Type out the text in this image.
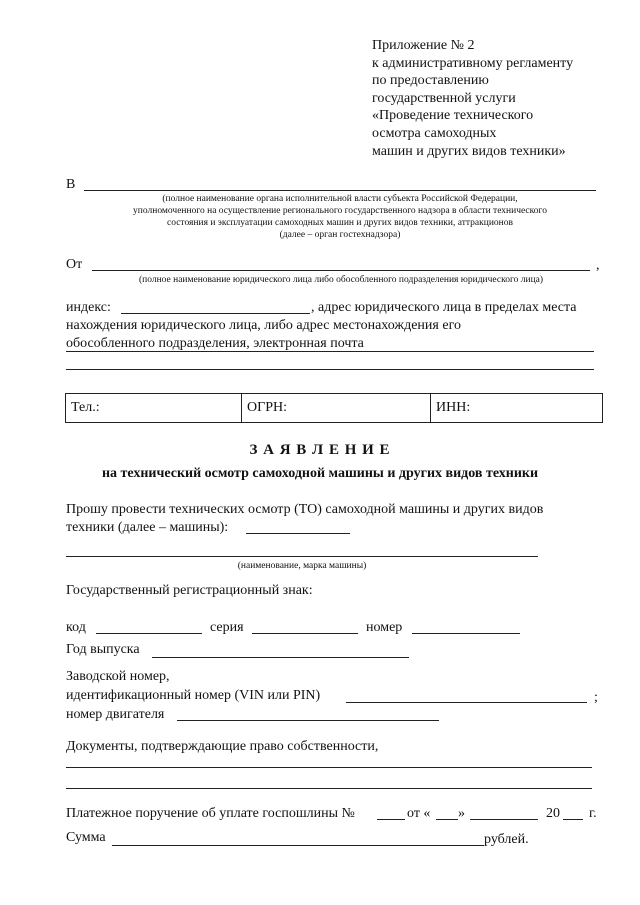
Приложение № 2
к административному регламенту
по предоставлению
государственной услуги
«Проведение технического
осмотра самоходных
машин и других видов техники»
В
(полное наименование органа исполнительной власти субъекта Российской Федерации,
уполномоченного на осуществление регионального государственного надзора в области технического
состояния и эксплуатации самоходных машин и других видов техники, аттракционов
(далее – орган гостехнадзора)
От	,
(полное наименование юридического лица либо обособленного подразделения юридического лица)
индекс:	, адрес юридического лица в пределах места
нахождения юридического лица, либо адрес местонахождения его
обособленного подразделения, электронная почта
Тел.:	ОГРН:	ИНН:
З А Я В Л Е Н И Е
на технический осмотр самоходной машины и других видов техники
Прошу провести технических осмотр (ТО) самоходной машины и других видов
техники (далее – машины):
(наименование, марка машины)
Государственный регистрационный знак:
код	серия	номер
Год выпуска
Заводской номер,
идентификационный номер (VIN или PIN)	;
номер двигателя
Документы, подтверждающие право собственности,
Платежное поручение об уплате госпошлины №	от « »	20 г.
Сумма	рублей.
